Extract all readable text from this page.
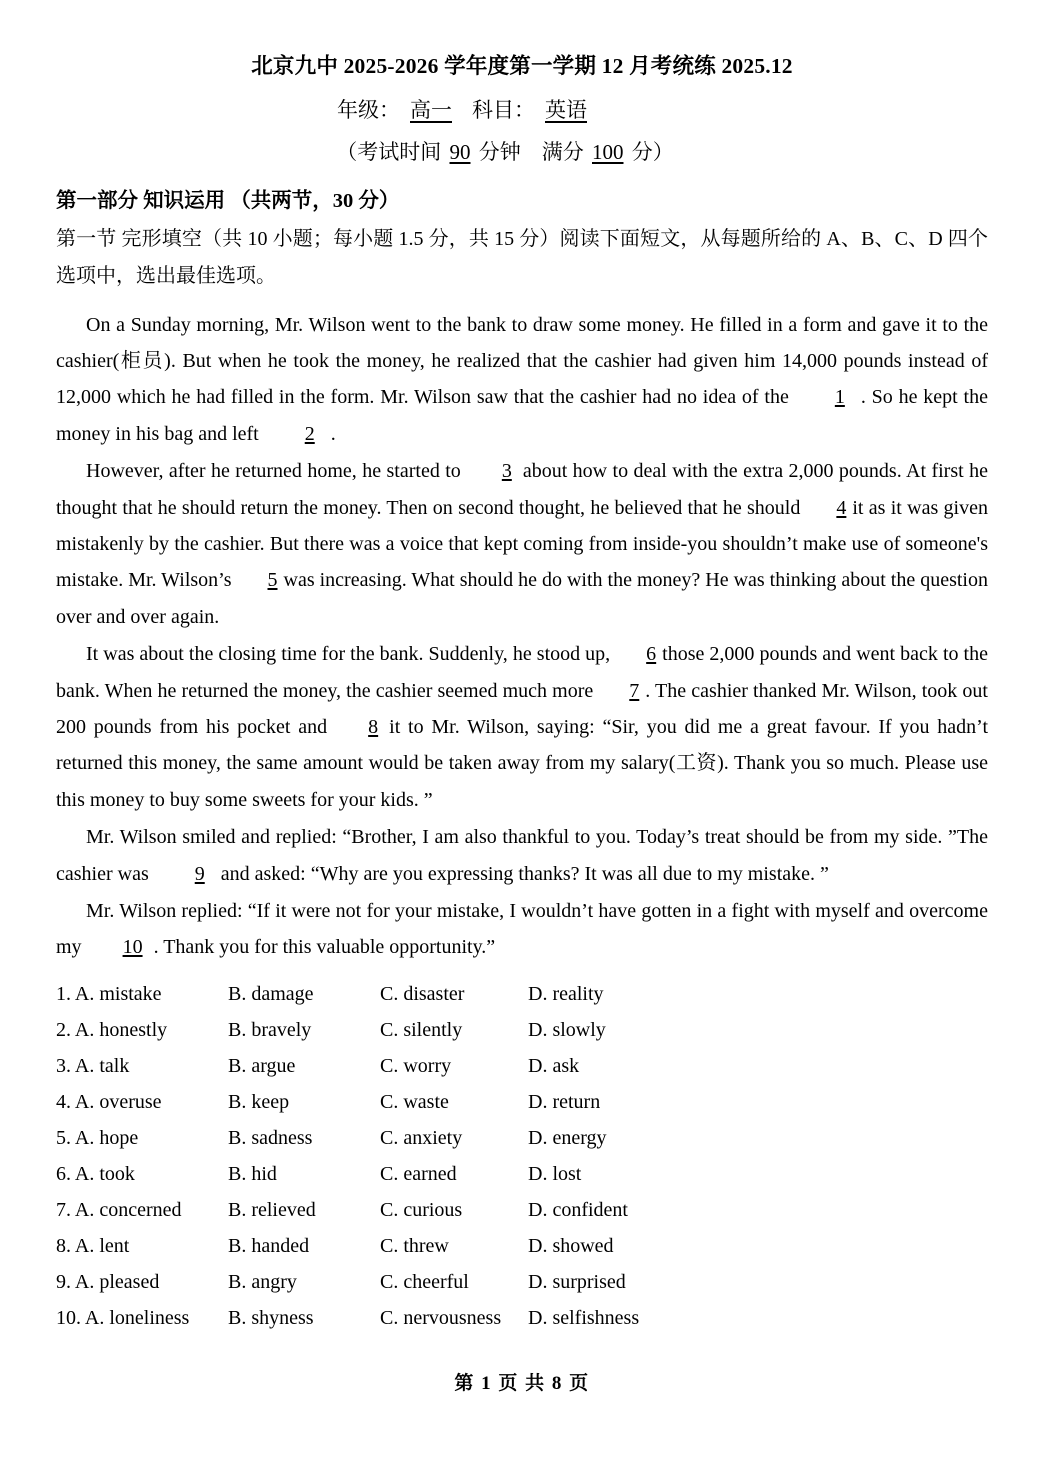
北京九中 2025-2026 学年度第一学期 12 月考统练 2025.12
年级： 高一 科目： 英语
（考试时间 90 分钟　满分 100 分）
第一部分 知识运用 （共两节，30 分）
第一节 完形填空（共 10 小题；每小题 1.5 分，共 15 分）阅读下面短文，从每题所给的 A、B、C、D 四个选项中，选出最佳选项。

On a Sunday morning, Mr. Wilson went to the bank to draw some money. He filled in a form and gave it to the cashier(柜员). But when he took the money, he realized that the cashier had given him 14,000 pounds instead of 12,000 which he had filled in the form. Mr. Wilson saw that the cashier had no idea of the 1 . So he kept the money in his bag and left 2 .

However, after he returned home, he started to 3 about how to deal with the extra 2,000 pounds. At first he thought that he should return the money. Then on second thought, he believed that he should 4 it as it was given mistakenly by the cashier. But there was a voice that kept coming from inside-you shouldn’t make use of someone's mistake. Mr. Wilson’s 5 was increasing. What should he do with the money? He was thinking about the question over and over again.

It was about the closing time for the bank. Suddenly, he stood up, 6 those 2,000 pounds and went back to the bank. When he returned the money, the cashier seemed much more 7 . The cashier thanked Mr. Wilson, took out 200 pounds from his pocket and 8 it to Mr. Wilson, saying: “Sir, you did me a great favour. If you hadn’t returned this money, the same amount would be taken away from my salary(工资). Thank you so much. Please use this money to buy some sweets for your kids. ”

Mr. Wilson smiled and replied: “Brother, I am also thankful to you. Today’s treat should be from my side. ”The cashier was 9 and asked: “Why are you expressing thanks? It was all due to my mistake. ”

Mr. Wilson replied: “If it were not for your mistake, I wouldn’t have gotten in a fight with myself and overcome my 10 . Thank you for this valuable opportunity.”

1. A. mistake	B. damage	C. disaster	D. reality
2. A. honestly	B. bravely	C. silently	D. slowly
3. A. talk	B. argue	C. worry	D. ask
4. A. overuse	B. keep	C. waste	D. return
5. A. hope	B. sadness	C. anxiety	D. energy
6. A. took	B. hid	C. earned	D. lost
7. A. concerned B. relieved	C. curious	D. confident
8. A. lent	B. handed	C. threw	D. showed
9. A. pleased	B. angry	C. cheerful	D. surprised
10. A. loneliness B. shyness	C. nervousness D. selfishness
第 1 页 共 8 页
